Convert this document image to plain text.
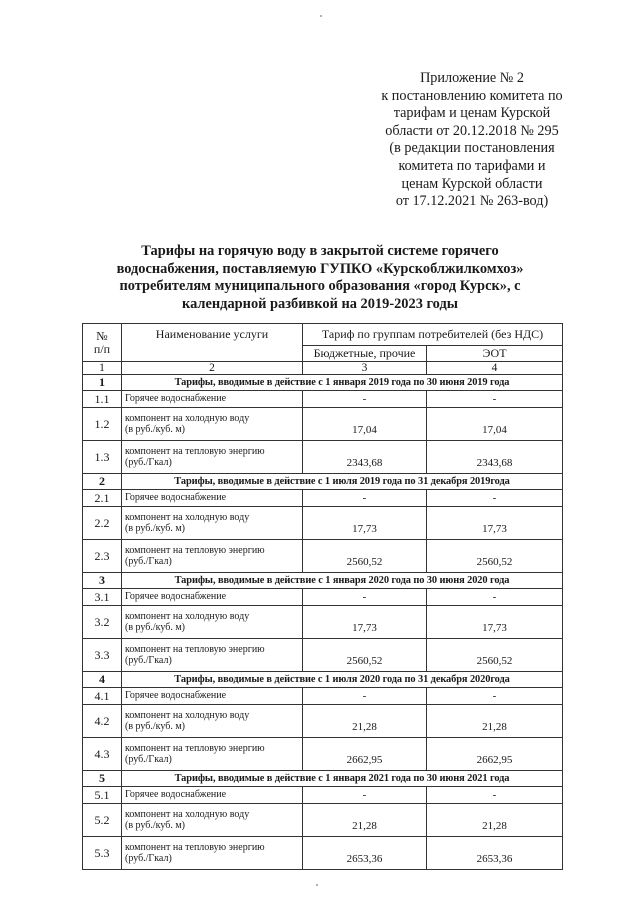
Приложение № 2
к постановлению комитета по
тарифам и ценам Курской
области от 20.12.2018 № 295
(в редакции постановления
комитета по тарифами и
ценам Курской области
от 17.12.2021 № 263-вод)
Тарифы на горячую воду в закрытой системе горячего
водоснабжения, поставляемую ГУПКО «Курскоблжилкомхоз»
потребителям муниципального образования «город Курск», с
календарной разбивкой на 2019-2023 годы
№
п/п	Наименование услуги	Тариф по группам потребителей (без НДС)	
		Бюджетные, прочие	ЭОТ
1	2	3	4
1	Тарифы, вводимые в действие с 1 января 2019 года по 30 июня 2019 года		
1.1	Горячее водоснабжение	-	-
1.2	компонент на холодную воду
(в руб./куб. м)	17,04	17,04
1.3	компонент на тепловую энергию
(руб./Гкал)	2343,68	2343,68
2	Тарифы, вводимые в действие с 1 июля 2019 года по 31 декабря 2019года		
2.1	Горячее водоснабжение	-	-
2.2	компонент на холодную воду
(в руб./куб. м)	17,73	17,73
2.3	компонент на тепловую энергию
(руб./Гкал)	2560,52	2560,52
3	Тарифы, вводимые в действие с 1 января 2020 года по 30 июня 2020 года		
3.1	Горячее водоснабжение	-	-
3.2	компонент на холодную воду
(в руб./куб. м)	17,73	17,73
3.3	компонент на тепловую энергию
(руб./Гкал)	2560,52	2560,52
4	Тарифы, вводимые в действие с 1 июля 2020 года по 31 декабря 2020года		
4.1	Горячее водоснабжение	-	-
4.2	компонент на холодную воду
(в руб./куб. м)	21,28	21,28
4.3	компонент на тепловую энергию
(руб./Гкал)	2662,95	2662,95
5	Тарифы, вводимые в действие с 1 января 2021 года по 30 июня 2021 года		
5.1	Горячее водоснабжение	-	-
5.2	компонент на холодную воду
(в руб./куб. м)	21,28	21,28
5.3	компонент на тепловую энергию
(руб./Гкал)	2653,36	2653,36
